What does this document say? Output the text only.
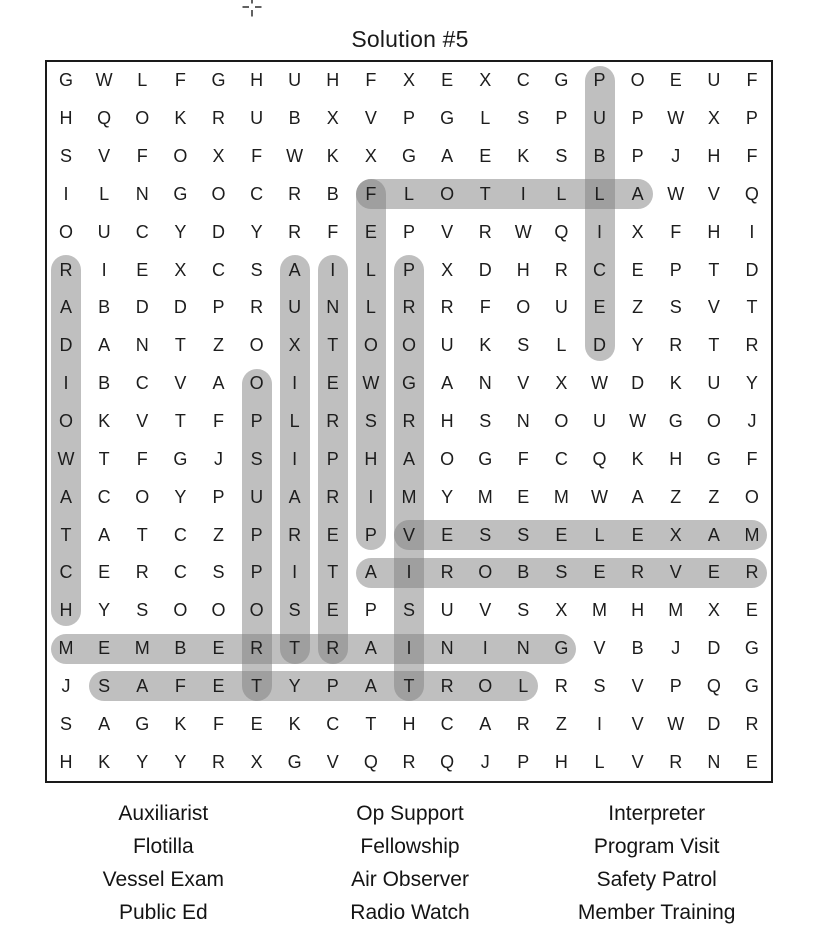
Solution #5
G	W	L	F	G	H	U	H	F	X	E	X	C	G	P	O	E	U	F
H	Q	O	K	R	U	B	X	V	P	G	L	S	P	U	P	W	X	P
S	V	F	O	X	F	W	K	X	G	A	E	K	S	B	P	J	H	F
I	L	N	G	O	C	R	B	F	L	O	T	I	L	L	A	W	V	Q
O	U	C	Y	D	Y	R	F	E	P	V	R	W	Q	I	X	F	H	I
R	I	E	X	C	S	A	I	L	P	X	D	H	R	C	E	P	T	D
A	B	D	D	P	R	U	N	L	R	R	F	O	U	E	Z	S	V	T
D	A	N	T	Z	O	X	T	O	O	U	K	S	L	D	Y	R	T	R
I	B	C	V	A	O	I	E	W	G	A	N	V	X	W	D	K	U	Y
O	K	V	T	F	P	L	R	S	R	H	S	N	O	U	W	G	O	J
W	T	F	G	J	S	I	P	H	A	O	G	F	C	Q	K	H	G	F
A	C	O	Y	P	U	A	R	I	M	Y	M	E	M	W	A	Z	Z	O
T	A	T	C	Z	P	R	E	P	V	E	S	S	E	L	E	X	A	M
C	E	R	C	S	P	I	T	A	I	R	O	B	S	E	R	V	E	R
H	Y	S	O	O	O	S	E	P	S	U	V	S	X	M	H	M	X	E
M	E	M	B	E	R	T	R	A	I	N	I	N	G	V	B	J	D	G
J	S	A	F	E	T	Y	P	A	T	R	O	L	R	S	V	P	Q	G
S	A	G	K	F	E	K	C	T	H	C	A	R	Z	I	V	W	D	R
H	K	Y	Y	R	X	G	V	Q	R	Q	J	P	H	L	V	R	N	E
Auxiliarist
Flotilla
Vessel Exam
Public Ed
Op Support
Fellowship
Air Observer
Radio Watch
Interpreter
Program Visit
Safety Patrol
Member Training
